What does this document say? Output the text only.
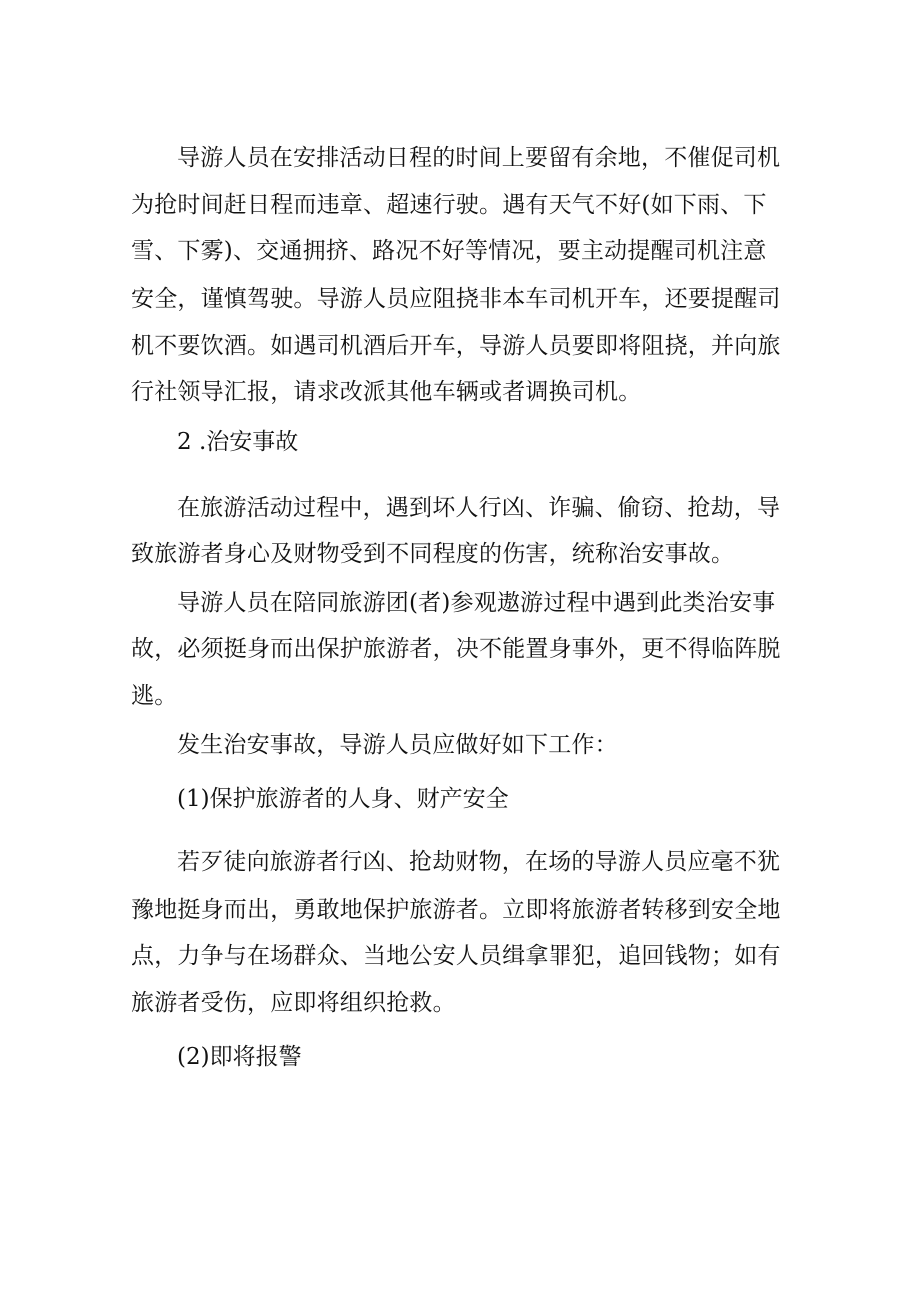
导游人员在安排活动日程的时间上要留有余地，不催促司机
为抢时间赶日程而违章、超速行驶。遇有天气不好(如下雨、下
雪、下雾)、交通拥挤、路况不好等情况，要主动提醒司机注意
安全，谨慎驾驶。导游人员应阻挠非本车司机开车，还要提醒司
机不要饮酒。如遇司机酒后开车，导游人员要即将阻挠，并向旅
行社领导汇报，请求改派其他车辆或者调换司机。
2 .治安事故
在旅游活动过程中，遇到坏人行凶、诈骗、偷窃、抢劫，导
致旅游者身心及财物受到不同程度的伤害，统称治安事故。
导游人员在陪同旅游团(者)参观遨游过程中遇到此类治安事
故，必须挺身而出保护旅游者，决不能置身事外，更不得临阵脱
逃。
发生治安事故，导游人员应做好如下工作：
(1)保护旅游者的人身、财产安全
若歹徒向旅游者行凶、抢劫财物，在场的导游人员应毫不犹
豫地挺身而出，勇敢地保护旅游者。立即将旅游者转移到安全地
点，力争与在场群众、当地公安人员缉拿罪犯，追回钱物；如有
旅游者受伤，应即将组织抢救。
(2)即将报警
